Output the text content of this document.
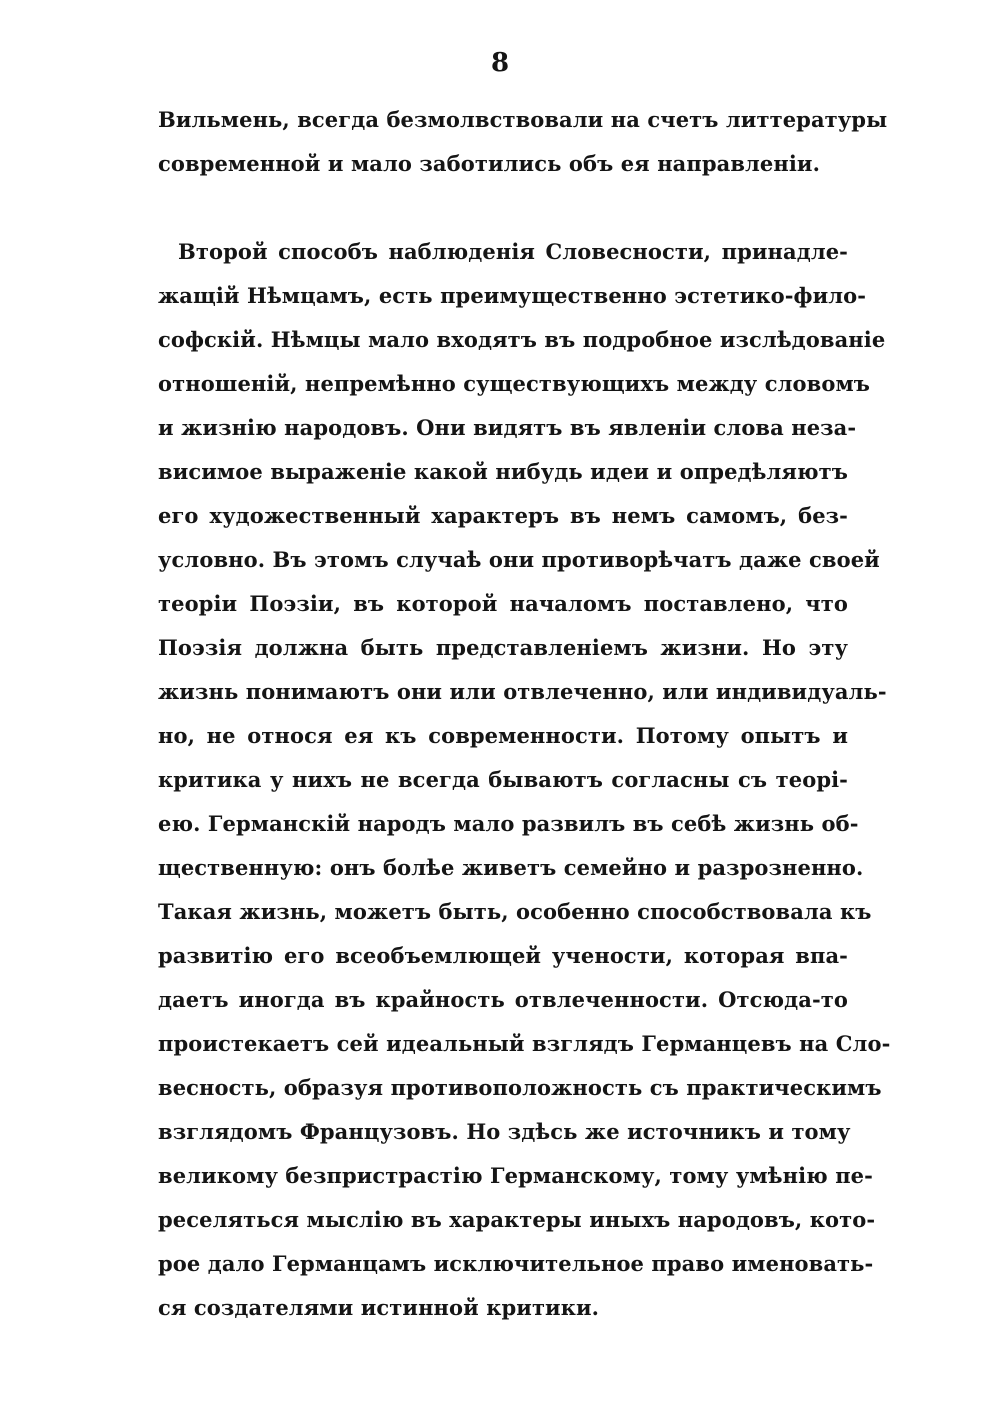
8
Вильмень, всегда безмолвствовали на счетъ литтературы
современной и мало заботились объ ея направленіи.
Второй способъ наблюденія Словесности, принадле-
жащій Нѣмцамъ, есть преимущественно эстетико-фило-
софскій. Нѣмцы мало входятъ въ подробное изслѣдованіе
отношеній, непремѣнно существующихъ между словомъ
и жизнію народовъ. Они видятъ въ явленіи слова неза-
висимое выраженіе какой нибудь идеи и опредѣляютъ
его художественный характеръ въ немъ самомъ, без-
условно. Въ этомъ случаѣ они противорѣчатъ даже своей
теоріи Поэзіи, въ которой началомъ поставлено, что
Поэзія должна быть представленіемъ жизни. Но эту
жизнь понимаютъ они или отвлеченно, или индивидуаль-
но, не относя ея къ современности. Потому опытъ и
критика у нихъ не всегда бываютъ согласны съ теорі-
ею. Германскій народъ мало развилъ въ себѣ жизнь об-
щественную: онъ болѣе живетъ семейно и разрозненно.
Такая жизнь, можетъ быть, особенно способствовала къ
развитію его всеобъемлющей учености, которая впа-
даетъ иногда въ крайность отвлеченности. Отсюда-то
проистекаетъ сей идеальный взглядъ Германцевъ на Сло-
весность, образуя противоположность съ практическимъ
взглядомъ Французовъ. Но здѣсь же источникъ и тому
великому безпристрастію Германскому, тому умѣнію пе-
реселяться мыслію въ характеры иныхъ народовъ, кото-
рое дало Германцамъ исключительное право именовать-
ся создателями истинной критики.
